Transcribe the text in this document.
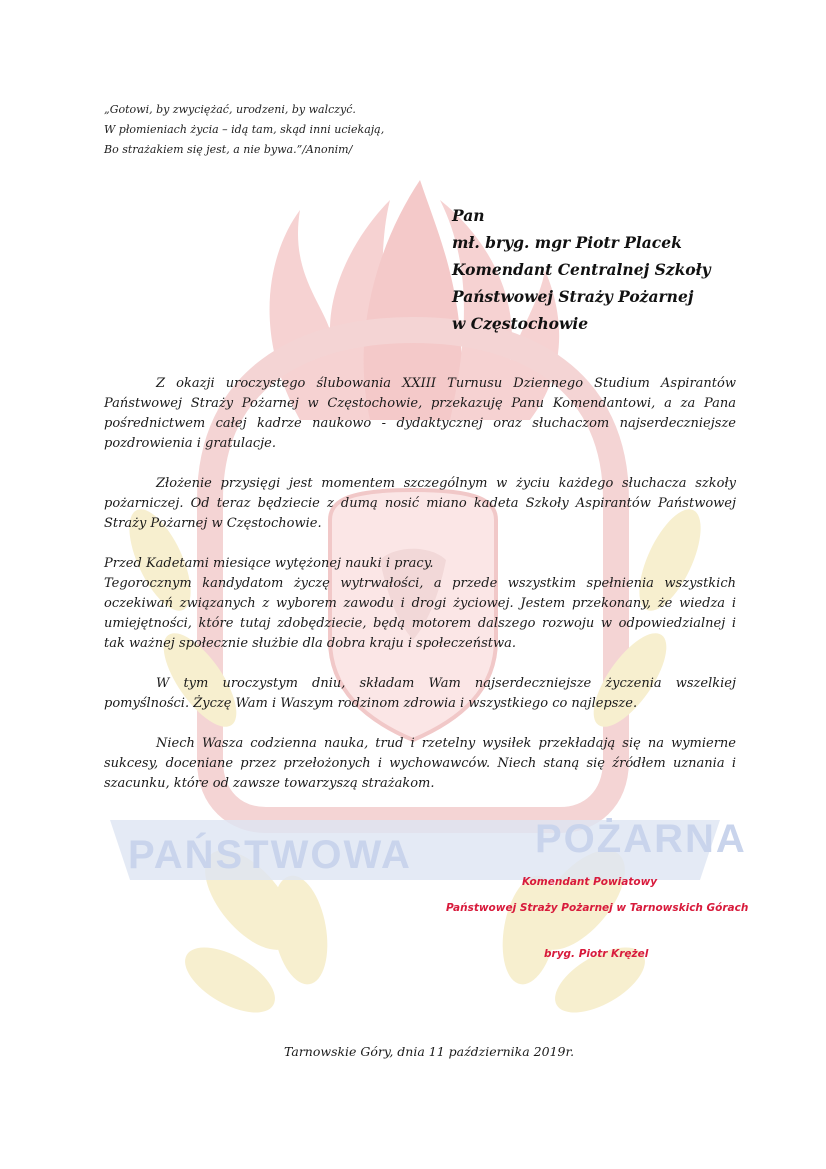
PAŃSTWOWA	POŻARNA
„Gotowi, by zwyciężać, urodzeni, by walczyć.
W płomieniach życia – idą tam, skąd inni uciekają,
Bo strażakiem się jest, a nie bywa.”/Anonim/
Pan
mł. bryg. mgr Piotr Placek
Komendant Centralnej Szkoły
Państwowej Straży Pożarnej
w Częstochowie

Z okazji uroczystego ślubowania XXIII Turnusu Dziennego Studium Aspirantów Państwowej Straży Pożarnej w Częstochowie, przekazuję Panu Komendantowi, a za Pana pośrednictwem całej kadrze naukowo - dydaktycznej oraz słuchaczom najserdeczniejsze pozdrowienia i gratulacje.

Złożenie przysięgi jest momentem szczególnym w życiu każdego słuchacza szkoły pożarniczej. Od teraz będziecie z dumą nosić miano kadeta Szkoły Aspirantów Państwowej Straży Pożarnej w Częstochowie.

Przed Kadetami miesiące wytężonej nauki i pracy.

Tegorocznym kandydatom życzę wytrwałości, a przede wszystkim spełnienia wszystkich oczekiwań związanych z wyborem zawodu i drogi życiowej. Jestem przekonany, że wiedza i umiejętności, które tutaj zdobędziecie, będą motorem dalszego rozwoju w odpowiedzialnej i tak ważnej społecznie służbie dla dobra kraju i społeczeństwa.

W tym uroczystym dniu, składam Wam najserdeczniejsze życzenia wszelkiej pomyślności. Życzę Wam i Waszym rodzinom zdrowia i wszystkiego co najlepsze.

Niech Wasza codzienna nauka, trud i rzetelny wysiłek przekładają się na wymierne sukcesy, doceniane przez przełożonych i wychowawców. Niech staną się źródłem uznania i szacunku, które od zawsze towarzyszą strażakom.

Komendant Powiatowy
Państwowej Straży Pożarnej w Tarnowskich Górach
bryg. Piotr Krężel
Tarnowskie Góry, dnia 11 października 2019r.
